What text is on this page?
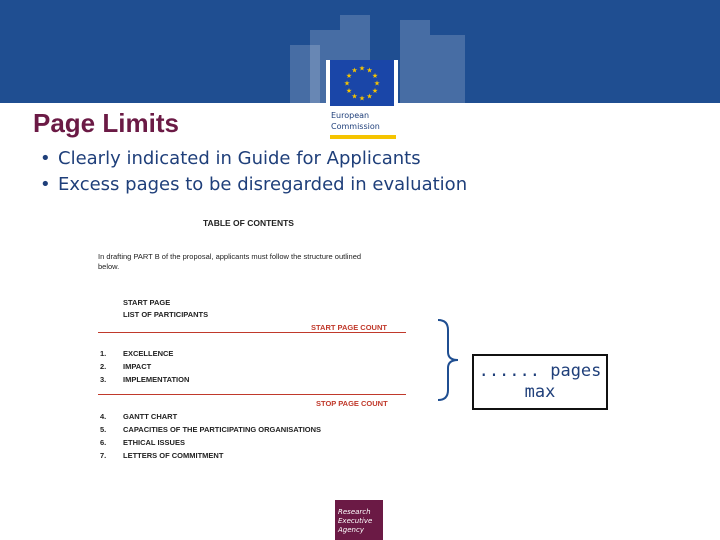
★ ★
★
★
★
★
★
★
★
★
★
★
European
Commission
Page Limits
• Clearly indicated in Guide for Applicants
• Excess pages to be disregarded in evaluation
TABLE OF CONTENTS
In drafting PART B of the proposal, applicants must follow the structure outlined below.
START PAGE
LIST OF PARTICIPANTS
START PAGE COUNT
1. EXCELLENCE
2. IMPACT
3. IMPLEMENTATION
STOP PAGE COUNT
4. GANTT CHART
5. CAPACITIES OF THE PARTICIPATING ORGANISATIONS
6. ETHICAL ISSUES
7. LETTERS OF COMMITMENT
...... pages
max
Research
Executive
Agency
